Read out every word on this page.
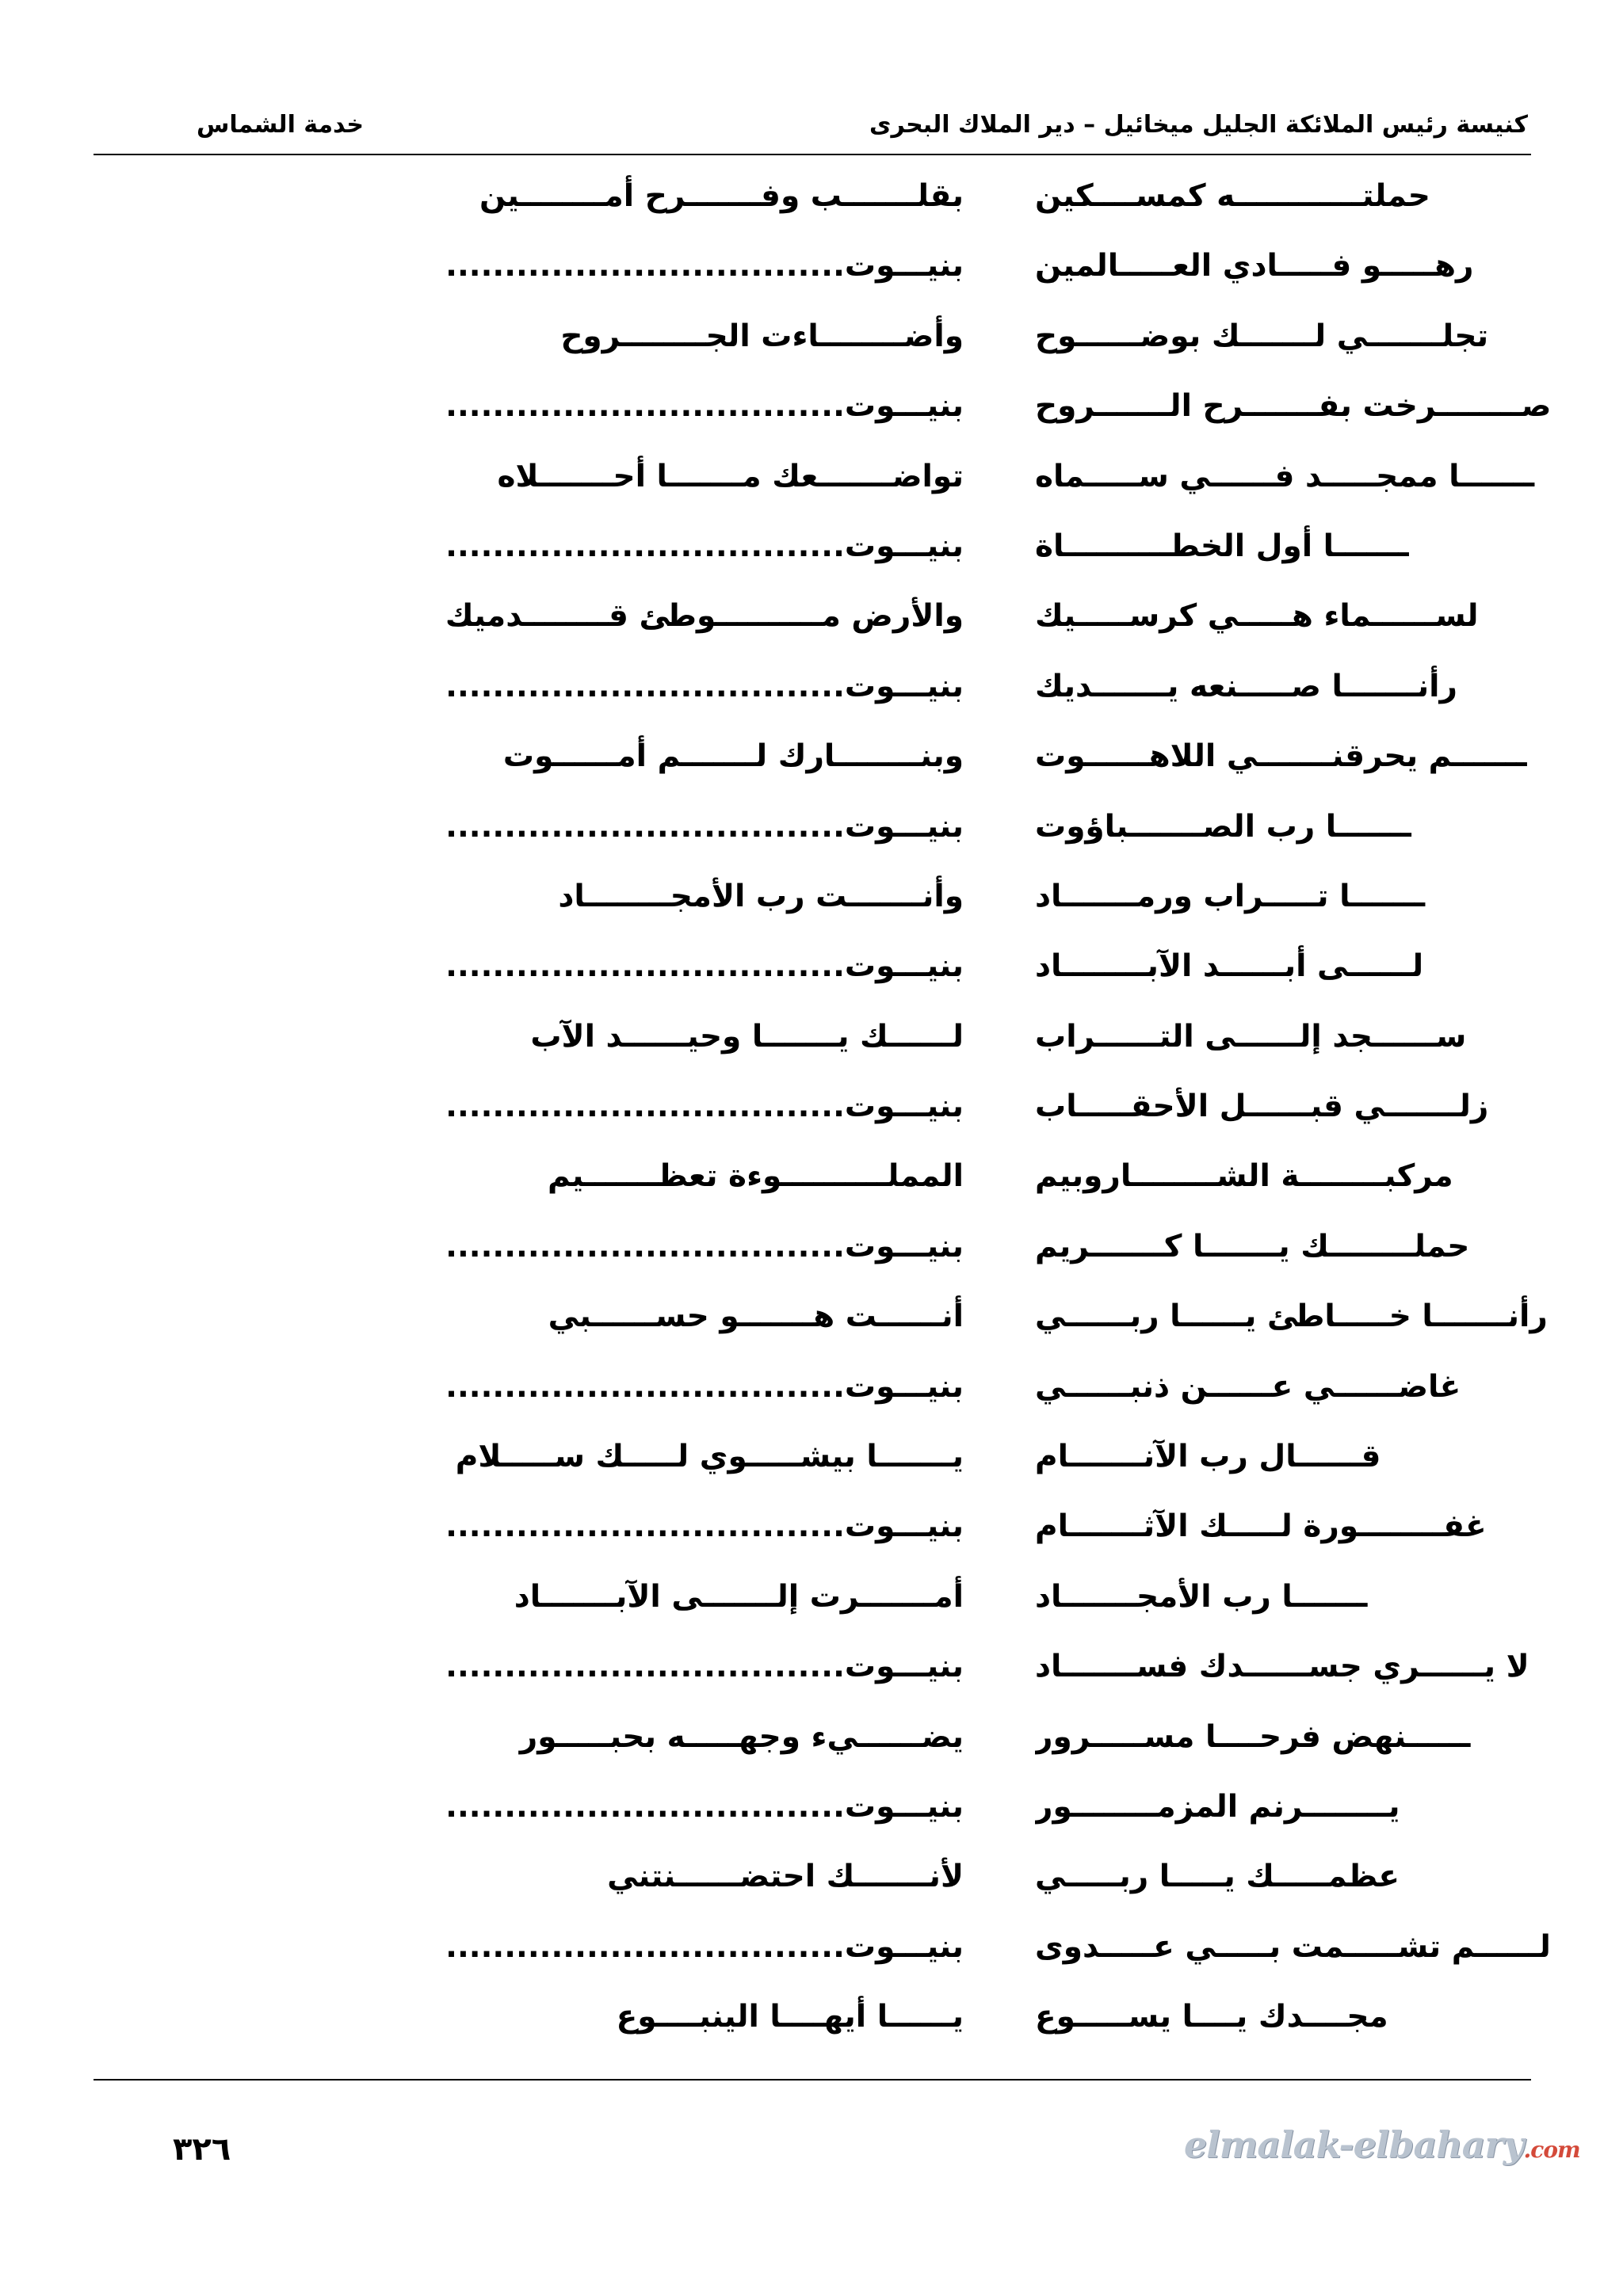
كنيسة رئيس الملائكة الجليل ميخائيل – دير الملاك البحرى
خدمة الشماس
حملتــــــــــــه كمســــكين
بقلـــــــب وفـــــــرح أمــــــــين
رهـــــو فـــــادي العـــــالمين
بنيـــوت..................................
تجلـــــــي لـــــــك بوضــــــوح
وأضــــــــاءت الجــــــــروح
صــــــــرخت بفـــــــرح الـــــــروح
بنيـــوت..................................
ـــــــا ممجـــــد فــــــي ســـــماه
تواضـــــــعك مـــــــا أحـــــــلاه
ـــــــا أول الخطــــــــــاة
بنيـــوت..................................
لســــــماء هـــــي كرســـــيك
والأرض مــــــــــوطئ قــــــــدميك
رأنـــــــا صـــــنعه يـــــــديك
بنيـــوت..................................
ـــــــم يحرقنـــــــي اللاهــــــوت
وبنــــــــارك لـــــــم أمــــــوت
ـــــــا رب الصـــــــباؤوت
بنيـــوت..................................
ـــــــا تـــــراب ورمـــــــاد
وأنـــــــت رب الأمجــــــــاد
لــــــى أبــــــد الآبــــــــاد
بنيـــوت..................................
ســــــجد إلــــــى التــــــراب
لــــــك يـــــــا وحيــــــد الآب
زلـــــــي قبــــــل الأحقـــــاب
بنيـــوت..................................
مركبــــــــة الشــــــــاروبيم
المملــــــــــوءة تعظـــــــيم
حملــــــــك يـــــــا كـــــــريم
بنيـــوت..................................
رأنـــــــا خـــــاطئ يــــــا ربــــــي
أنــــــت هـــــــو حســــــبي
غاضــــــي عــــــن ذنبــــــي
بنيـــوت..................................
قــــــال رب الآنـــــــام
يـــــــا بيشـــــوي لـــــك ســـــلام
غفــــــــورة لـــــك الآثـــــــام
بنيـــوت..................................
ـــــــا رب الأمجـــــــاد
أمـــــــرت إلـــــــى الآبـــــــاد
لا يــــــري جســــــدك فســـــــاد
بنيـــوت..................................
ــــــنهض فرحــــا مســـــرور
يضــــــيء وجهـــــه بحبـــــور
يــــــــرنم المزمــــــــور
بنيـــوت..................................
عظمـــــك يـــــا ربـــــي
لأنـــــــك احتضــــــنتني
لــــــم تشـــــمت بـــــي عـــــدوى
بنيـــوت..................................
مجــــدك يــــا يســـــوع
يــــــا أيهــــا الينبــــوع
٣٢٦	elmalak-elbahary.com
